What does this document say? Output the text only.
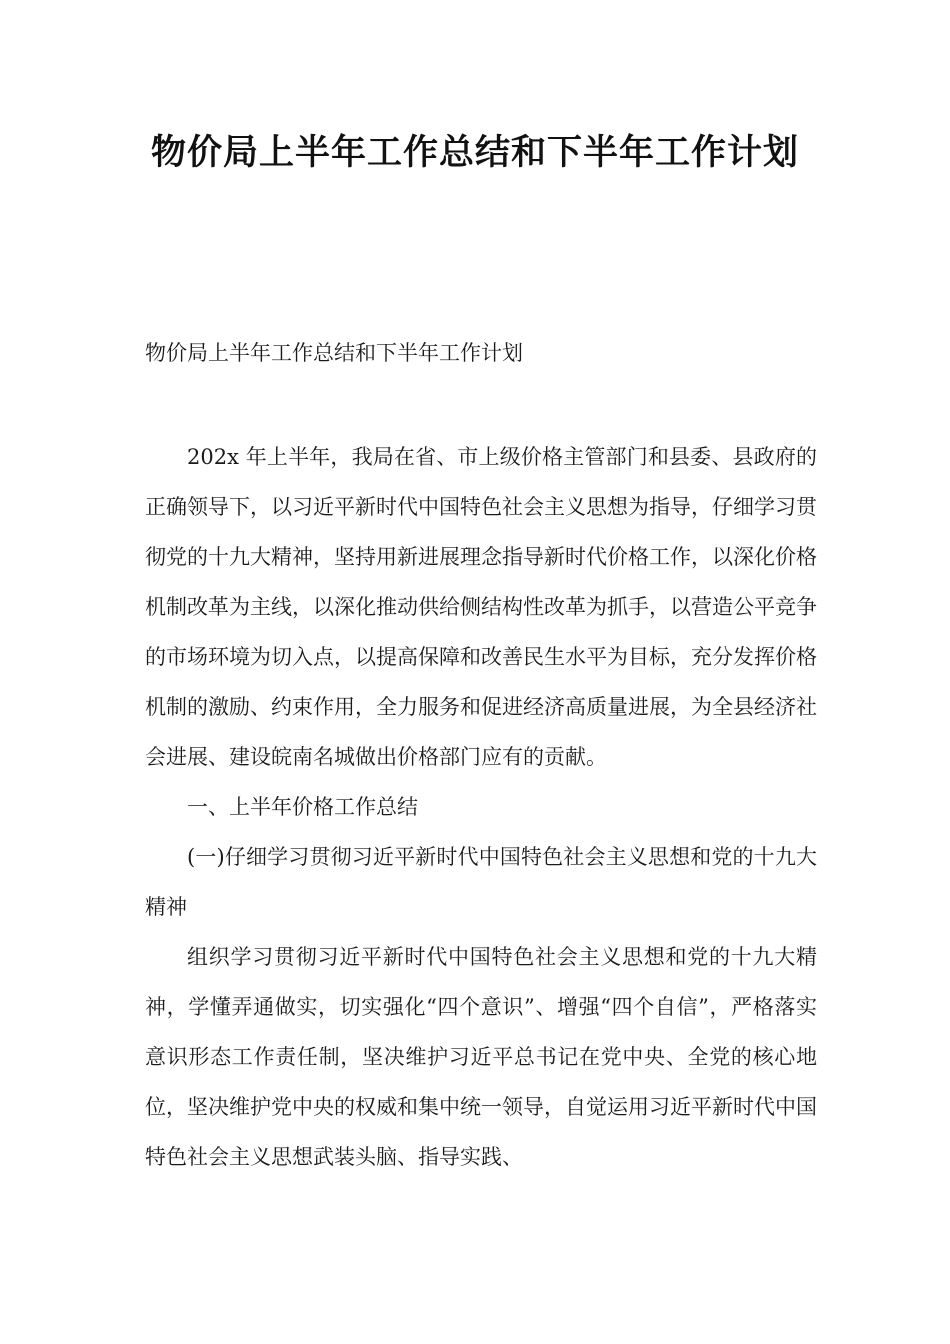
物价局上半年工作总结和下半年工作计划

物价局上半年工作总结和下半年工作计划

202x 年上半年，我局在省、市上级价格主管部门和县委、县政府的正确领导下，以习近平新时代中国特色社会主义思想为指导，仔细学习贯彻党的十九大精神，坚持用新进展理念指导新时代价格工作，以深化价格机制改革为主线，以深化推动供给侧结构性改革为抓手，以营造公平竞争的市场环境为切入点，以提高保障和改善民生水平为目标，充分发挥价格机制的激励、约束作用，全力服务和促进经济高质量进展，为全县经济社会进展、建设皖南名城做出价格部门应有的贡献。

一、上半年价格工作总结

(一)仔细学习贯彻习近平新时代中国特色社会主义思想和党的十九大精神

组织学习贯彻习近平新时代中国特色社会主义思想和党的十九大精神，学懂弄通做实，切实强化“四个意识”、增强“四个自信”，严格落实意识形态工作责任制，坚决维护习近平总书记在党中央、全党的核心地位，坚决维护党中央的权威和集中统一领导，自觉运用习近平新时代中国特色社会主义思想武装头脑、指导实践、
